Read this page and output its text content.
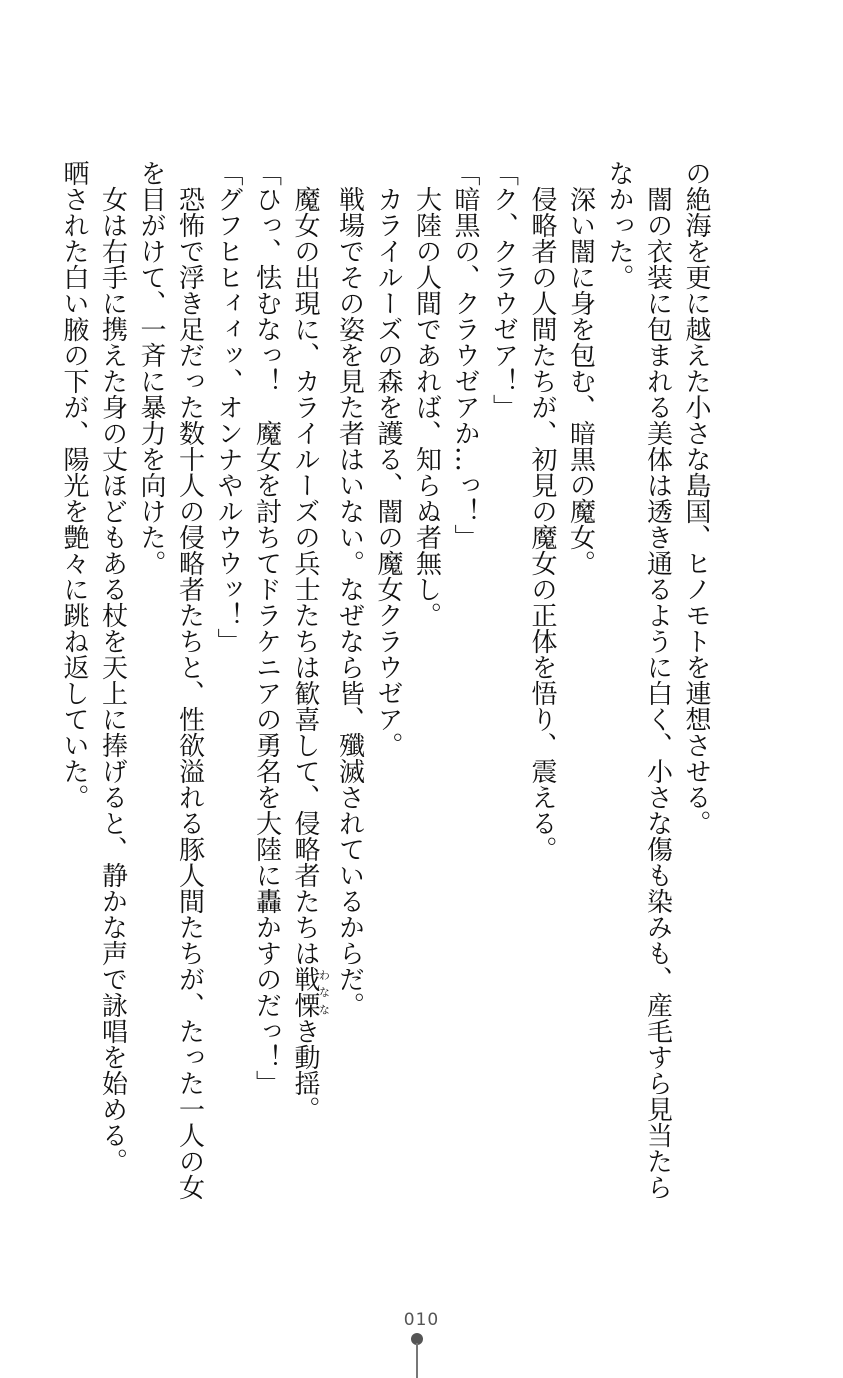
の絶海を更に越えた小さな島国、ヒノモトを連想させる。

　闇の衣装に包まれる美体は透き通るように白く、小さな傷も染みも、産毛すら見当たら

なかった。

　深い闇に身を包む、暗黒の魔女。

　侵略者の人間たちが、初見の魔女の正体を悟り、震える。

「ク、クラウゼア！」

「暗黒の、クラウゼアか…っ！」

　大陸の人間であれば、知らぬ者無し。

　カライルーズの森を護る、闇の魔女クラウゼア。

　戦場でその姿を見た者はいない。なぜなら皆、殲滅されているからだ。

　魔女の出現に、カライルーズの兵士たちは歓喜して、侵略者たちは戦慄わななき動揺。

「ひっ、怯むなっ！　魔女を討ちてドラケニアの勇名を大陸に轟かすのだっ！」

「グフヒヒィィッ、オンナやルウウッ！」

　恐怖で浮き足だった数十人の侵略者たちと、性欲溢れる豚人間たちが、たった一人の女

を目がけて、一斉に暴力を向けた。

　女は右手に携えた身の丈ほどもある杖を天上に捧げると、静かな声で詠唱を始める。

晒された白い腋の下が、陽光を艶々に跳ね返していた。

010
